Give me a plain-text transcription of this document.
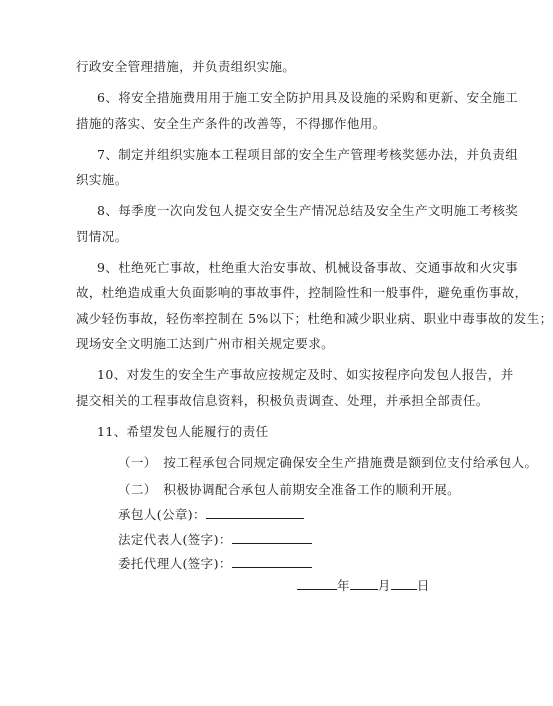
行政安全管理措施，并负责组织实施。
6、将安全措施费用用于施工安全防护用具及设施的采购和更新、安全施工
措施的落实、安全生产条件的改善等，不得挪作他用。
7、制定并组织实施本工程项目部的安全生产管理考核奖惩办法，并负责组
织实施。
8、每季度一次向发包人提交安全生产情况总结及安全生产文明施工考核奖
罚情况。
9、杜绝死亡事故，杜绝重大治安事故、机械设备事故、交通事故和火灾事
故，杜绝造成重大负面影响的事故事件，控制险性和一般事件，避免重伤事故，
减少轻伤事故，轻伤率控制在 5%以下；杜绝和减少职业病、职业中毒事故的发生；
现场安全文明施工达到广州市相关规定要求。
10、对发生的安全生产事故应按规定及时、如实按程序向发包人报告，并
提交相关的工程事故信息资料，积极负责调查、处理，并承担全部责任。
11、希望发包人能履行的责任
（一）　按工程承包合同规定确保安全生产措施费是额到位支付给承包人。
（二）　积极协调配合承包人前期安全准备工作的顺利开展。
承包人(公章)：
法定代表人(签字)：
委托代理人(签字)：
年 月 日
